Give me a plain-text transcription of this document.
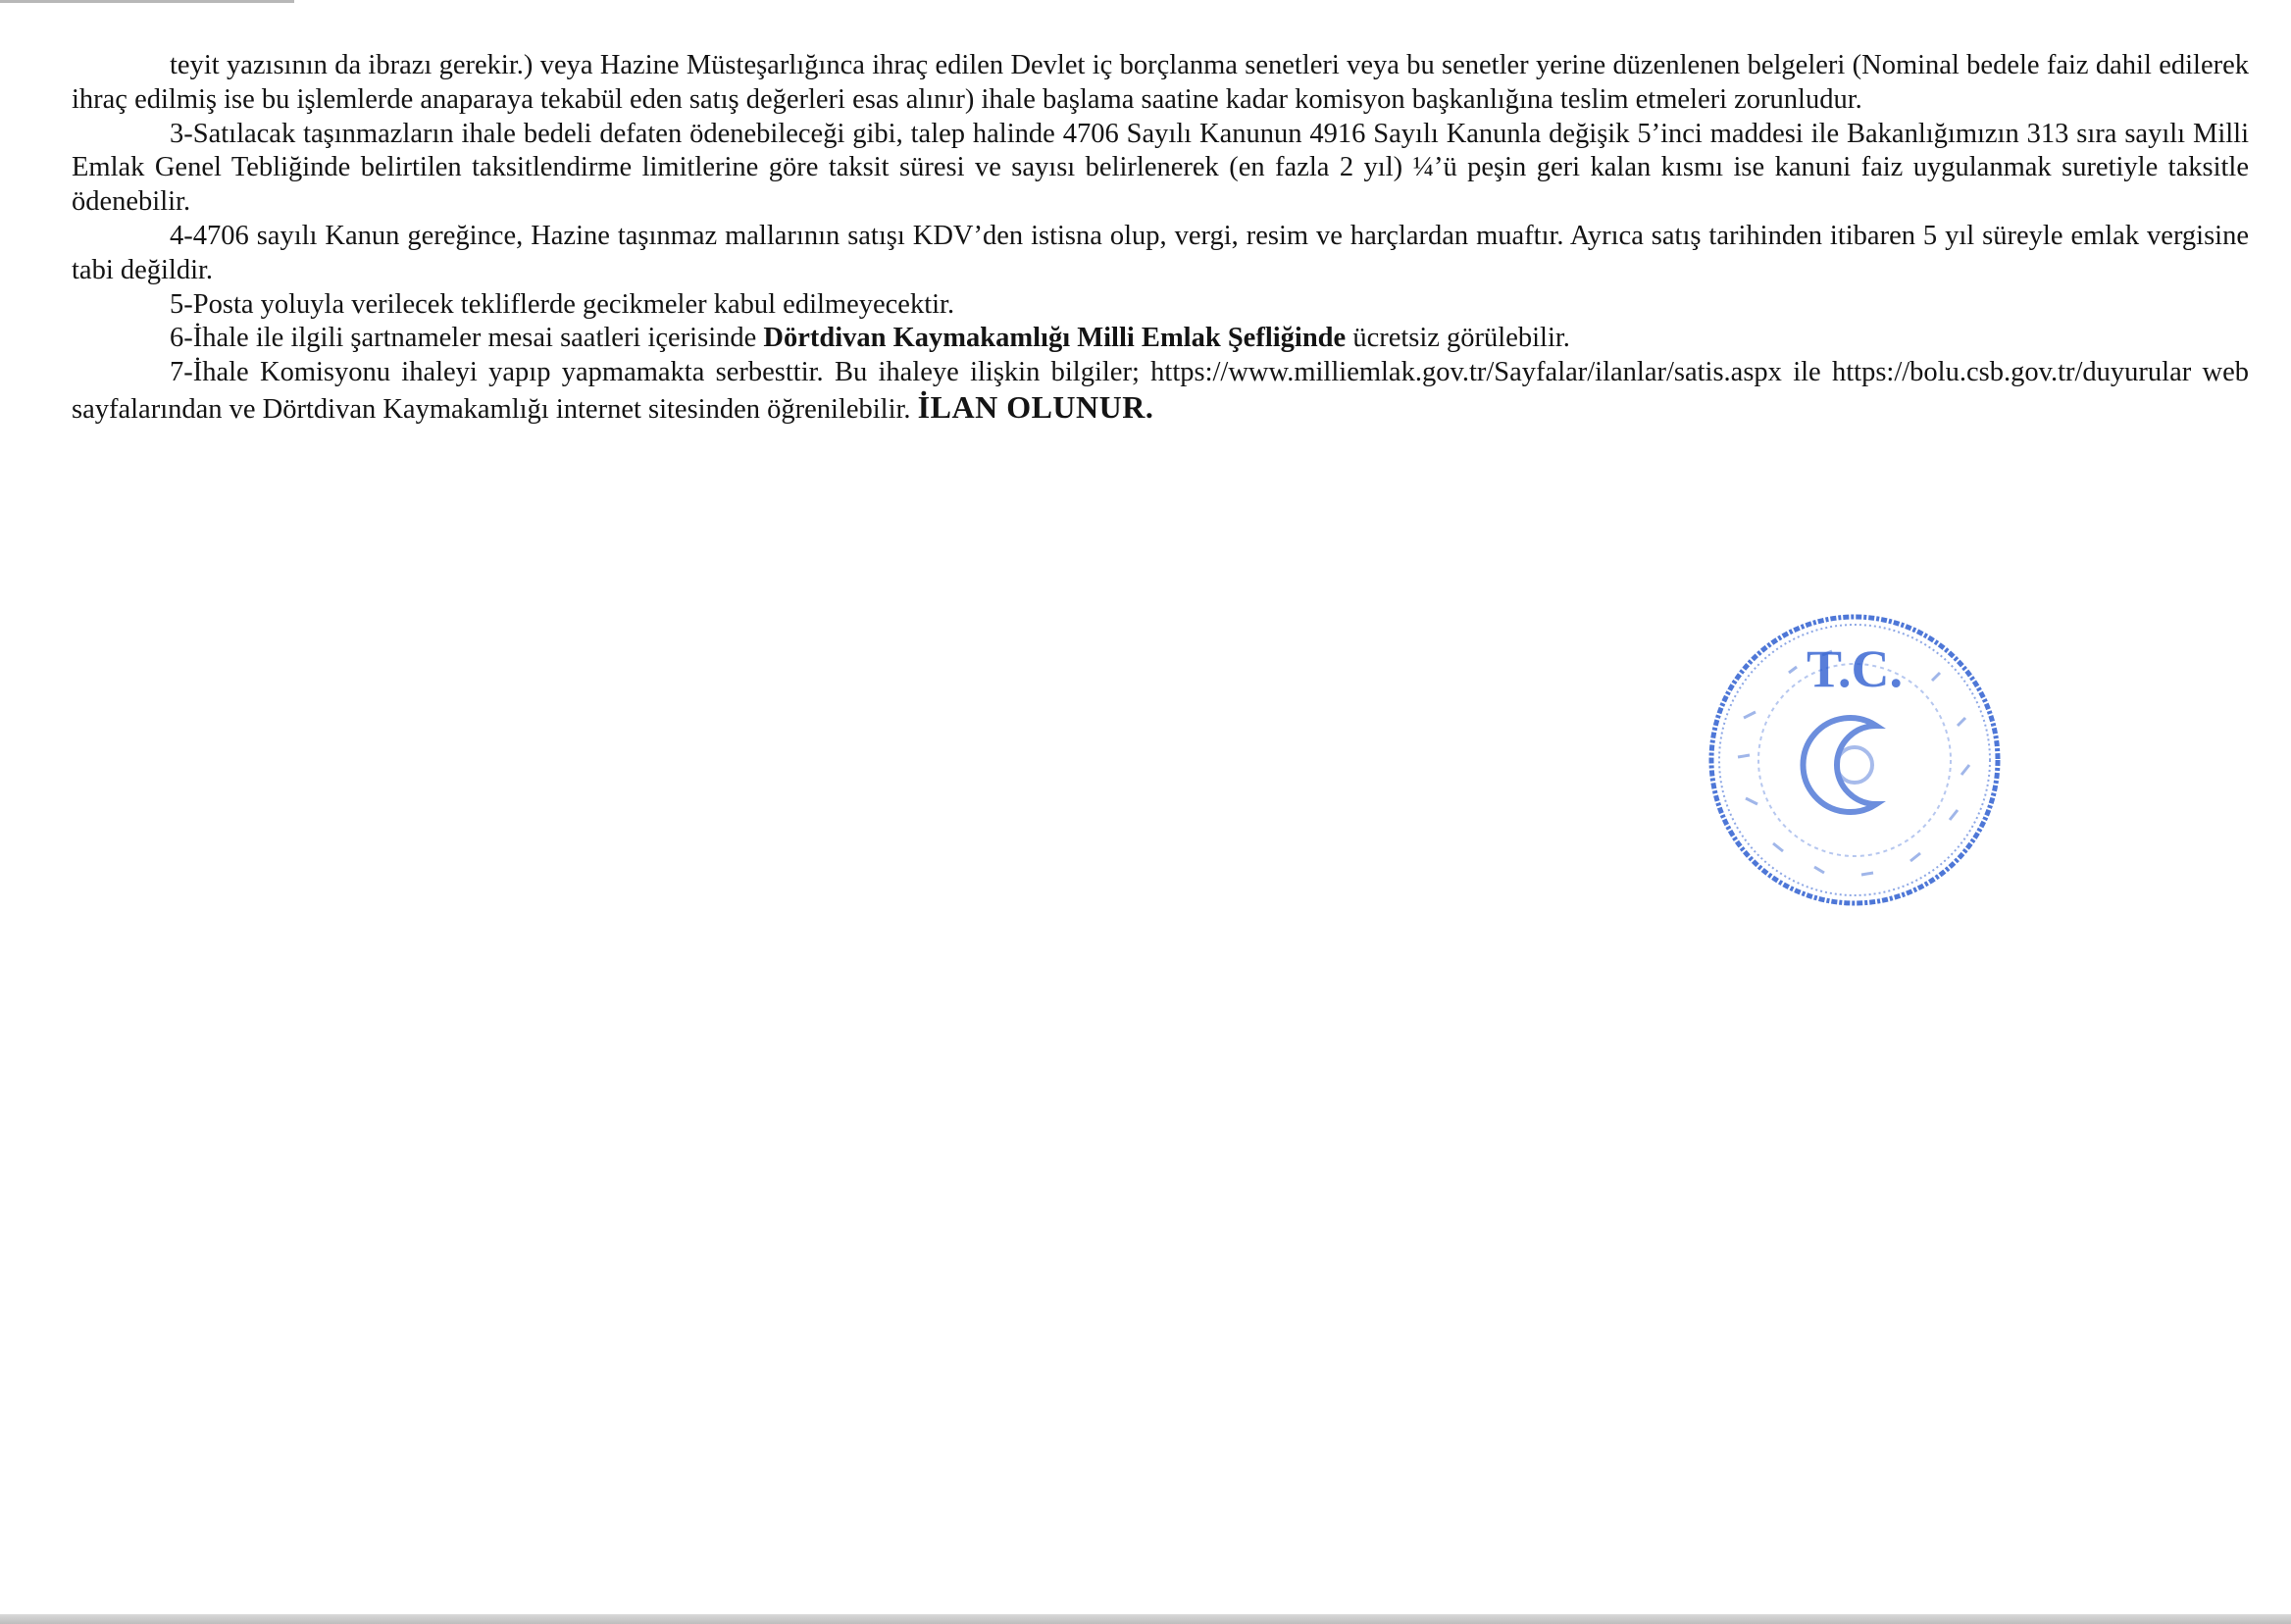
teyit yazısının da ibrazı gerekir.) veya Hazine Müsteşarlığınca ihraç edilen Devlet iç borçlanma senetleri veya bu senetler yerine düzenlenen belgeleri (Nominal bedele faiz dahil edilerek ihraç edilmiş ise bu işlemlerde anaparaya tekabül eden satış değerleri esas alınır) ihale başlama saatine kadar komisyon başkanlığına teslim etmeleri zorunludur.

3-Satılacak taşınmazların ihale bedeli defaten ödenebileceği gibi, talep halinde 4706 Sayılı Kanunun 4916 Sayılı Kanunla değişik 5’inci maddesi ile Bakanlığımızın 313 sıra sayılı Milli Emlak Genel Tebliğinde belirtilen taksitlendirme limitlerine göre taksit süresi ve sayısı belirlenerek (en fazla 2 yıl) ¼’ü peşin geri kalan kısmı ise kanuni faiz uygulanmak suretiyle taksitle ödenebilir.

4-4706 sayılı Kanun gereğince, Hazine taşınmaz mallarının satışı KDV’den istisna olup, vergi, resim ve harçlardan muaftır. Ayrıca satış tarihinden itibaren 5 yıl süreyle emlak vergisine tabi değildir.

5-Posta yoluyla verilecek tekliflerde gecikmeler kabul edilmeyecektir.

6-İhale ile ilgili şartnameler mesai saatleri içerisinde Dörtdivan Kaymakamlığı Milli Emlak Şefliğinde ücretsiz görülebilir.

7-İhale Komisyonu ihaleyi yapıp yapmamakta serbesttir. Bu ihaleye ilişkin bilgiler; https://www.milliemlak.gov.tr/Sayfalar/ilanlar/satis.aspx ile https://bolu.csb.gov.tr/duyurular web sayfalarından ve Dörtdivan Kaymakamlığı internet sitesinden öğrenilebilir. İLAN OLUNUR.

T.C.
